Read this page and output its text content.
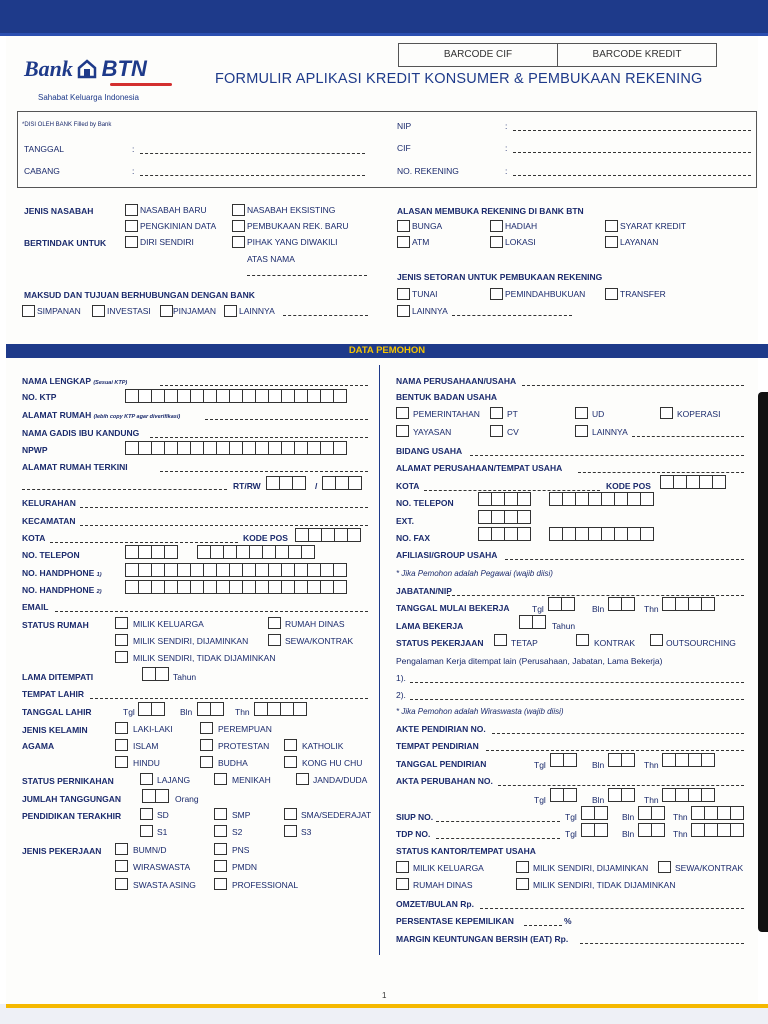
Bank BTN
Sahabat Keluarga Indonesia
FORMULIR APLIKASI KREDIT KONSUMER & PEMBUKAAN REKENING
BARCODE CIF	BARCODE KREDIT
*DISI OLEH BANK Filled by Bank
TANGGAL	:
CABANG	:
NIP	:
CIF	:
NO. REKENING	:
JENIS NASABAH	NASABAH BARU	NASABAH EKSISTING
PENGKINIAN DATA	PEMBUKAAN REK. BARU
BERTINDAK UNTUK	DIRI SENDIRI	PIHAK YANG DIWAKILI
ATAS NAMA
MAKSUD DAN TUJUAN BERHUBUNGAN DENGAN BANK
SIMPANAN	INVESTASI	PINJAMAN	LAINNYA
ALASAN MEMBUKA REKENING DI BANK BTN
BUNGA	HADIAH	SYARAT KREDIT
ATM	LOKASI	LAYANAN
JENIS SETORAN UNTUK PEMBUKAAN REKENING
TUNAI	PEMINDAHBUKUAN	TRANSFER
LAINNYA
DATA PEMOHON
NAMA LENGKAP (Sesuai KTP)
NO. KTP
ALAMAT RUMAH (lebih copy KTP agar diverifikasi)
NAMA GADIS IBU KANDUNG
NPWP
ALAMAT RUMAH TERKINI
RT/RW	/
KELURAHAN
KECAMATAN
KOTA	KODE POS
NO. TELEPON
NO. HANDPHONE 1)
NO. HANDPHONE 2)
EMAIL
STATUS RUMAH	MILIK KELUARGA	RUMAH DINAS
MILIK SENDIRI, DIJAMINKAN	SEWA/KONTRAK
MILIK SENDIRI, TIDAK DIJAMINKAN
LAMA DITEMPATI	Tahun
TEMPAT LAHIR
TANGGAL LAHIR	Tgl	Bln	Thn
JENIS KELAMIN	LAKI-LAKI	PEREMPUAN
AGAMA	ISLAM	PROTESTAN	KATHOLIK
HINDU	BUDHA	KONG HU CHU
STATUS PERNIKAHAN	LAJANG	MENIKAH	JANDA/DUDA
JUMLAH TANGGUNGAN	Orang
PENDIDIKAN TERAKHIR	SD	SMP	SMA/SEDERAJAT
S1	S2	S3
JENIS PEKERJAAN	BUMN/D	PNS
WIRASWASTA	PMDN
SWASTA ASING	PROFESSIONAL
NAMA PERUSAHAAN/USAHA
BENTUK BADAN USAHA
PEMERINTAHAN	PT	UD	KOPERASI
YAYASAN	CV	LAINNYA
BIDANG USAHA
ALAMAT PERUSAHAAN/TEMPAT USAHA
KOTA	KODE POS
NO. TELEPON
EXT.
NO. FAX
AFILIASI/GROUP USAHA
* Jika Pemohon adalah Pegawai (wajib diisi)
JABATAN/NIP
TANGGAL MULAI BEKERJA	Tgl	Bln	Thn
LAMA BEKERJA	Tahun
STATUS PEKERJAAN	TETAP	KONTRAK	OUTSOURCHING
Pengalaman Kerja ditempat lain (Perusahaan, Jabatan, Lama Bekerja)
1).
2).
* Jika Pemohon adalah Wiraswasta (wajib diisi)
AKTE PENDIRIAN NO.
TEMPAT PENDIRIAN
TANGGAL PENDIRIAN	Tgl	Bln	Thn
AKTA PERUBAHAN NO.
Tgl	Bln	Thn
SIUP NO.	Tgl	Bln	Thn
TDP NO.	Tgl	Bln	Thn
STATUS KANTOR/TEMPAT USAHA
MILIK KELUARGA	MILIK SENDIRI, DIJAMINKAN	SEWA/KONTRAK
RUMAH DINAS	MILIK SENDIRI, TIDAK DIJAMINKAN
OMZET/BULAN Rp.
PERSENTASE KEPEMILIKAN	%
MARGIN KEUNTUNGAN BERSIH (EAT) Rp.
1
